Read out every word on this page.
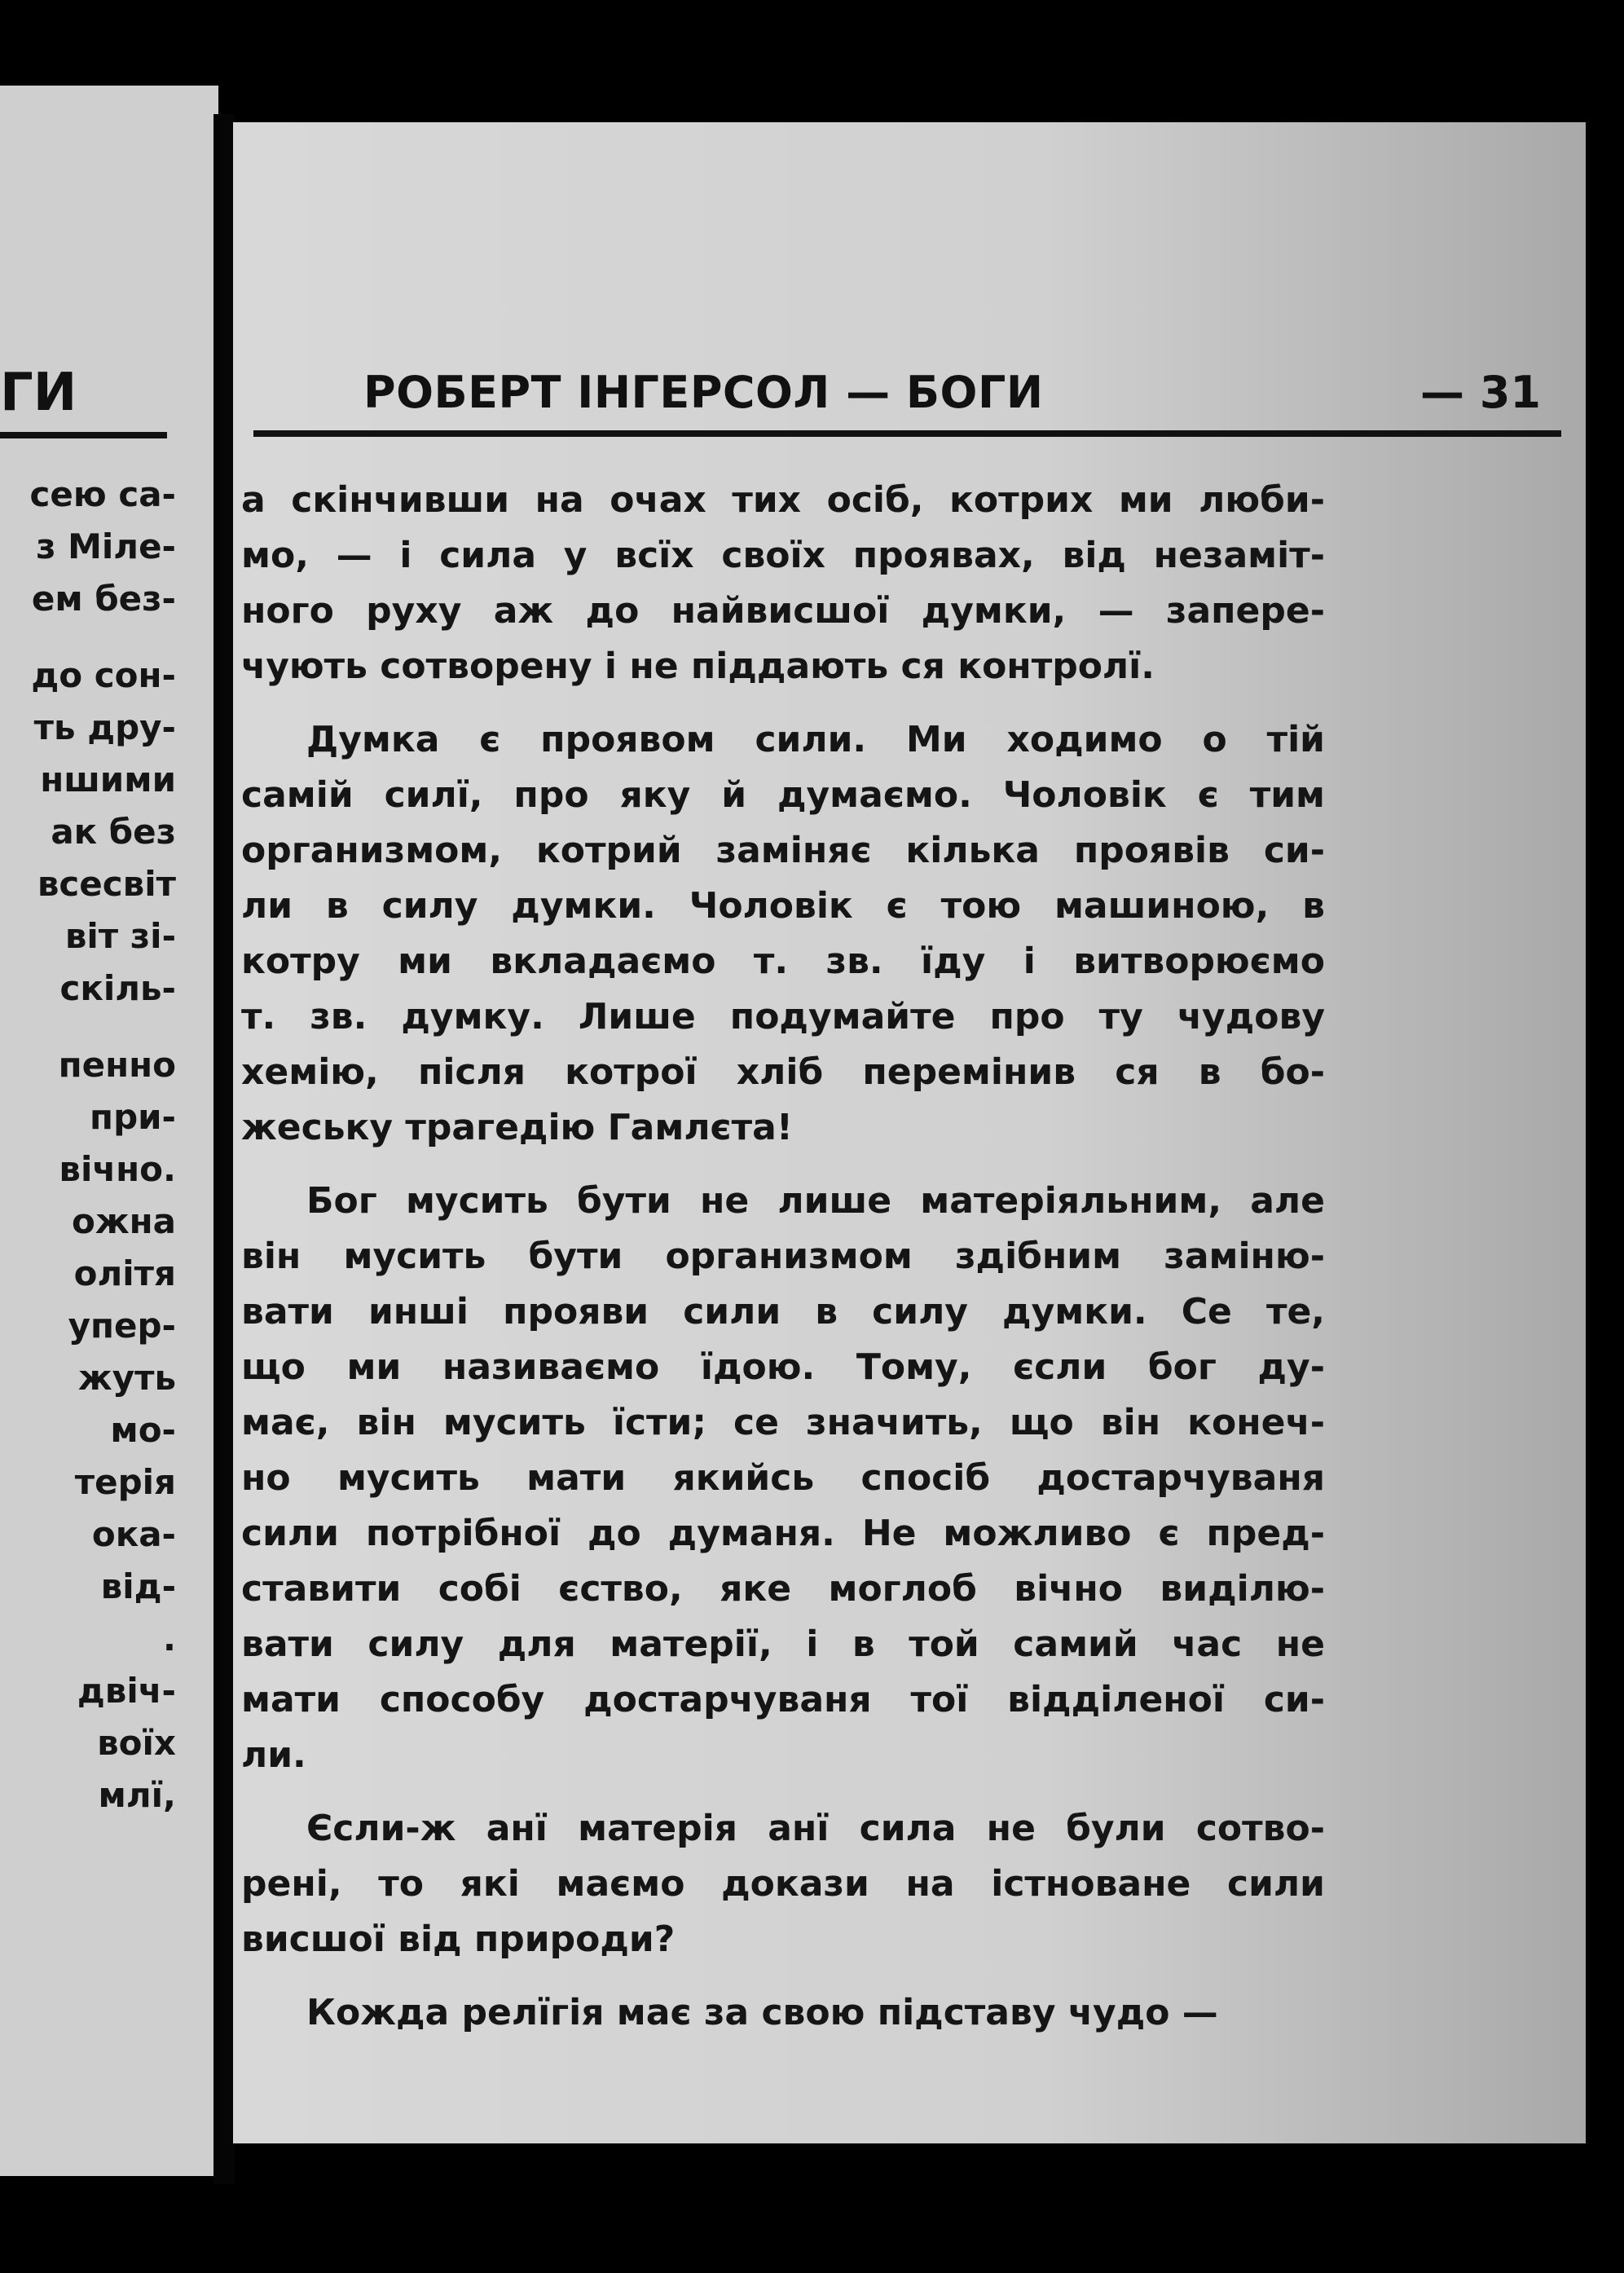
ГИ
сею са-
з Міле-
ем без-
до сон-
ть дру-
ншими
ак без
всесвіт
віт зі-
скіль-
пенно
при-
вічно.
ожна
олітя
упер-
жуть
мо-
терія
ока-
від-
.
двіч-
воїх
млї,
РОБЕРТ ІНГЕРСОЛ — БОГИ	— 31
а скінчивши на очах тих осіб, котрих ми люби-
мо, — і сила у всїх своїх проявах, від незаміт-
ного руху аж до найвисшої думки, — запере-
чують сотворену і не піддають ся контролї.
Думка є проявом сили. Ми ходимо о тій
самій силї, про яку й думаємо. Чоловік є тим
организмом, котрий заміняє кілька проявів си-
ли в силу думки. Чоловік є тою машиною, в
котру ми вкладаємо т. зв. їду і витворюємо
т. зв. думку. Лише подумайте про ту чудову
хемію, після котрої хліб перемінив ся в бо-
жеську трагедію Гамлєта!
Бог мусить бути не лише матеріяльним, але
він мусить бути организмом здібним заміню-
вати инші прояви сили в силу думки. Се те,
що ми називаємо їдою. Тому, єсли бог ду-
має, він мусить їсти; се значить, що він конеч-
но мусить мати якийсь спосіб достарчуваня
сили потрібної до думаня. Не можливо є пред-
ставити собі єство, яке моглоб вічно виділю-
вати силу для матерії, і в той самий час не
мати способу достарчуваня тої відділеної си-
ли.
Єсли-ж анї матерія анї сила не були сотво-
рені, то які маємо докази на істноване сили
висшої від природи?
Кожда релїгія має за свою підставу чудо —
